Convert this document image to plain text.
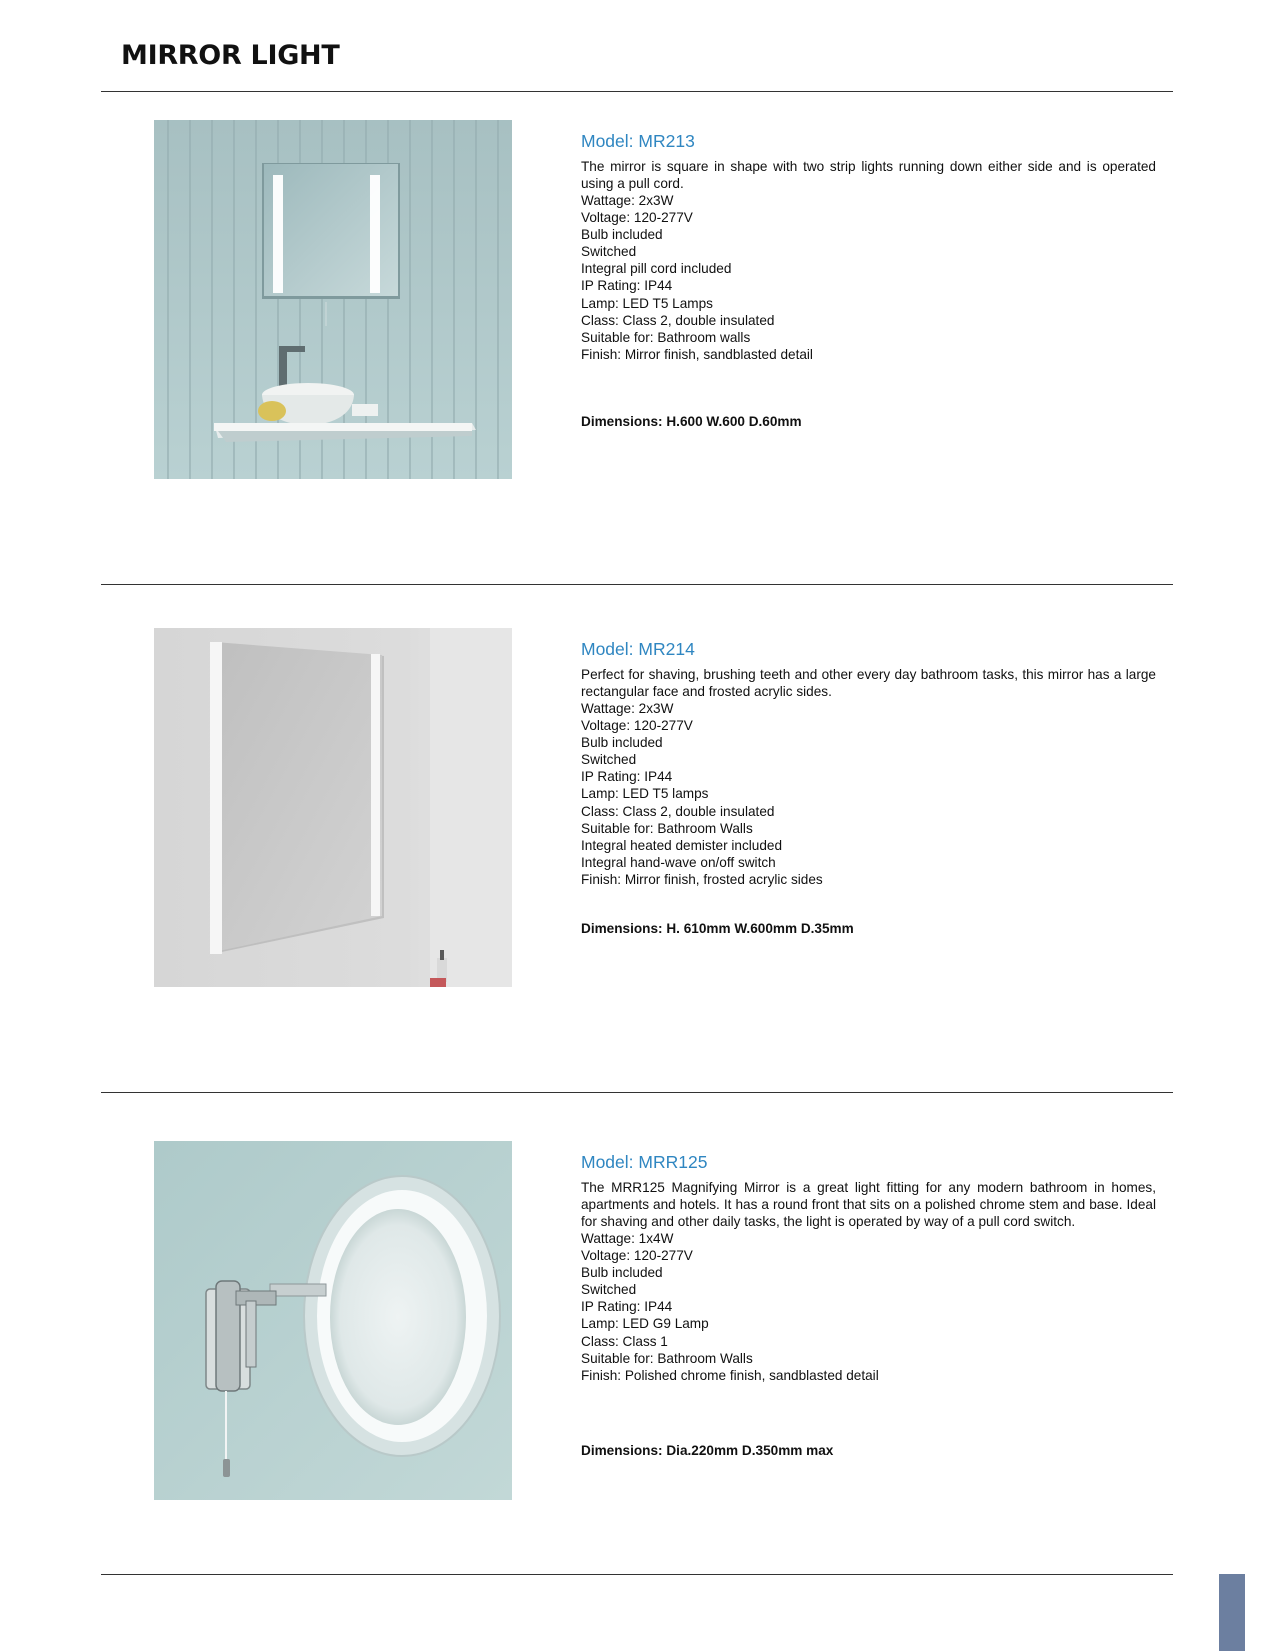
MIRROR LIGHT
Model: MR213

The mirror is square in shape with two strip lights running down either side and is operated using a pull cord.

Wattage: 2x3W
Voltage: 120-277V
Bulb included
Switched
Integral pill cord included
IP Rating: IP44
Lamp: LED T5 Lamps
Class: Class 2, double insulated
Suitable for: Bathroom walls
Finish: Mirror finish, sandblasted detail
Dimensions: H.600 W.600 D.60mm
Model: MR214

Perfect for shaving, brushing teeth and other every day bathroom tasks, this mirror has a large rectangular face and frosted acrylic sides.

Wattage: 2x3W
Voltage: 120-277V
Bulb included
Switched
IP Rating: IP44
Lamp: LED T5 lamps
Class: Class 2, double insulated
Suitable for: Bathroom Walls
Integral heated demister included
Integral hand-wave on/off switch
Finish: Mirror finish, frosted acrylic sides
Dimensions: H. 610mm W.600mm D.35mm
Model: MRR125

The MRR125 Magnifying Mirror is a great light fitting for any modern bathroom in homes, apartments and hotels. It has a round front that sits on a polished chrome stem and base. Ideal for shaving and other daily tasks, the light is operated by way of a pull cord switch.

Wattage: 1x4W
Voltage: 120-277V
Bulb included
Switched
IP Rating: IP44
Lamp: LED G9 Lamp
Class: Class 1
Suitable for: Bathroom Walls
Finish: Polished chrome finish, sandblasted detail
Dimensions: Dia.220mm D.350mm max
